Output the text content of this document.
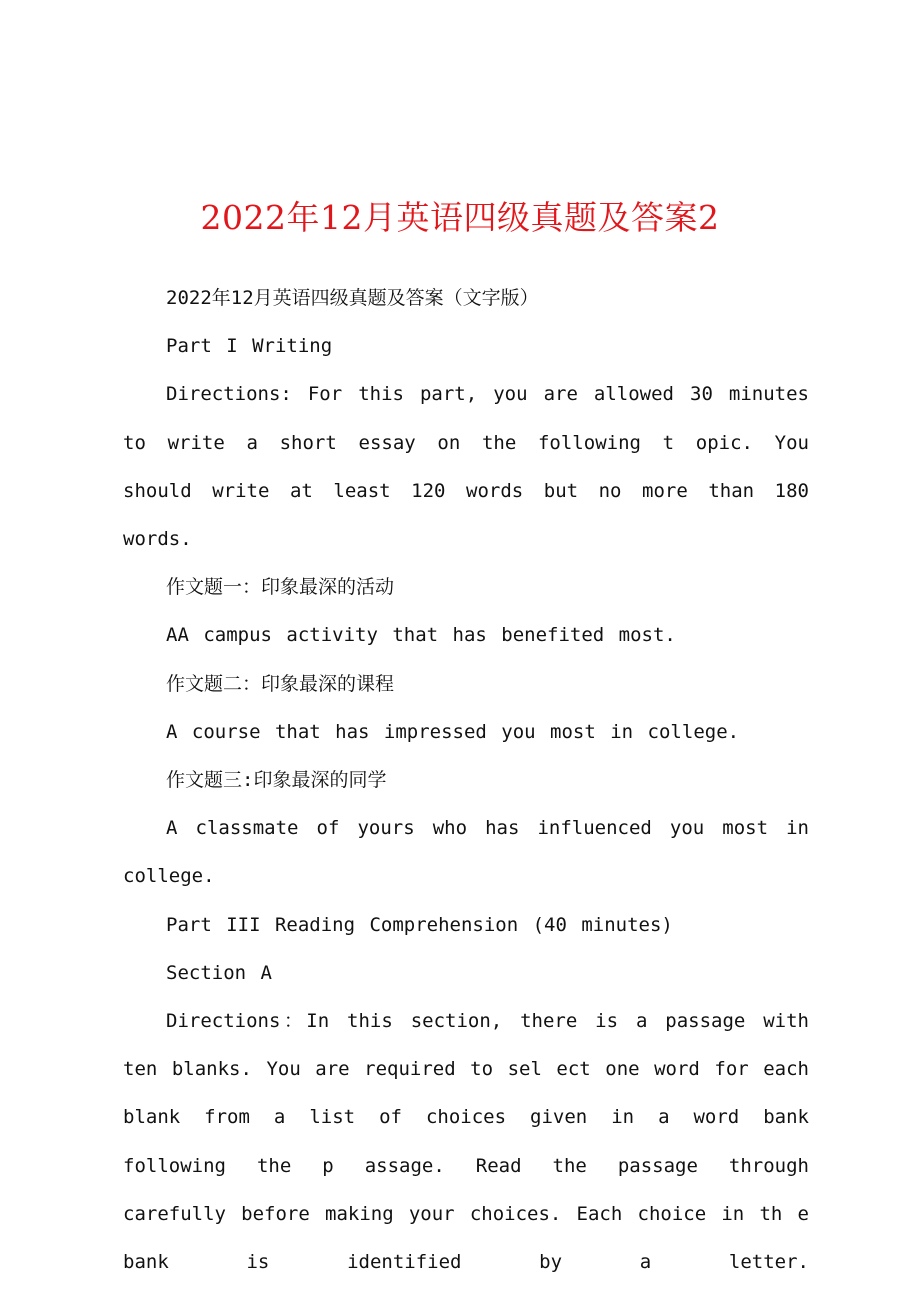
2022年12月英语四级真题及答案2

2022年12月英语四级真题及答案（文字版）

Part I Writing

Directions: For this part, you are allowed 30 minutes to write a short essay on the following t opic. You should write at least 120 words but no more than 180 words.

作文题一：印象最深的活动

AA campus activity that has benefited most.

作文题二：印象最深的课程

A course that has impressed you most in college.

作文题三:印象最深的同学

A classmate of yours who has influenced you most in college.

Part III Reading Comprehension (40 minutes)

Section A

Directions：In this section, there is a passage with ten blanks. You are required to sel ect one word for each blank from a list of choices given in a word bank following the p assage. Read the passage through carefully before making your choices. Each choice in th e bank is identified by a letter.
